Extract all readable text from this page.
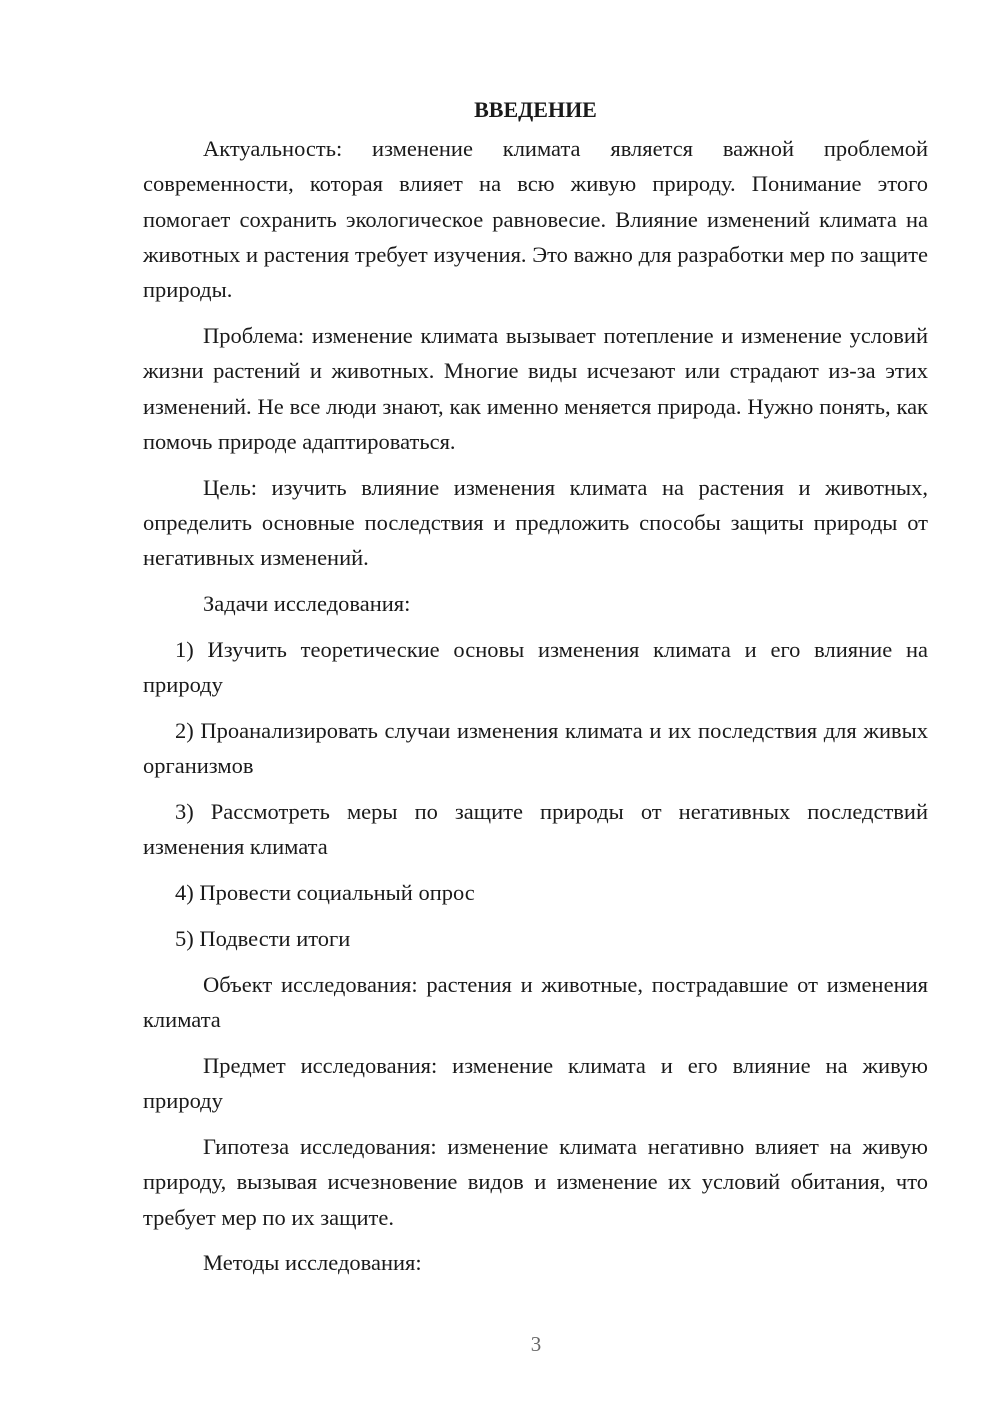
ВВЕДЕНИЕ

Актуальность: изменение климата является важной проблемой современности, которая влияет на всю живую природу. Понимание этого помогает сохранить экологическое равновесие. Влияние изменений климата на животных и растения требует изучения. Это важно для разработки мер по защите природы.

Проблема: изменение климата вызывает потепление и изменение условий жизни растений и животных. Многие виды исчезают или страдают из-за этих изменений. Не все люди знают, как именно меняется природа. Нужно понять, как помочь природе адаптироваться.

Цель: изучить влияние изменения климата на растения и животных, определить основные последствия и предложить способы защиты природы от негативных изменений.

Задачи исследования:

1) Изучить теоретические основы изменения климата и его влияние на природу

2) Проанализировать случаи изменения климата и их последствия для живых организмов

3) Рассмотреть меры по защите природы от негативных последствий изменения климата

4) Провести социальный опрос

5) Подвести итоги

Объект исследования: растения и животные, пострадавшие от изменения климата

Предмет исследования: изменение климата и его влияние на живую природу

Гипотеза исследования: изменение климата негативно влияет на живую природу, вызывая исчезновение видов и изменение их условий обитания, что требует мер по их защите.

Методы исследования:

3
